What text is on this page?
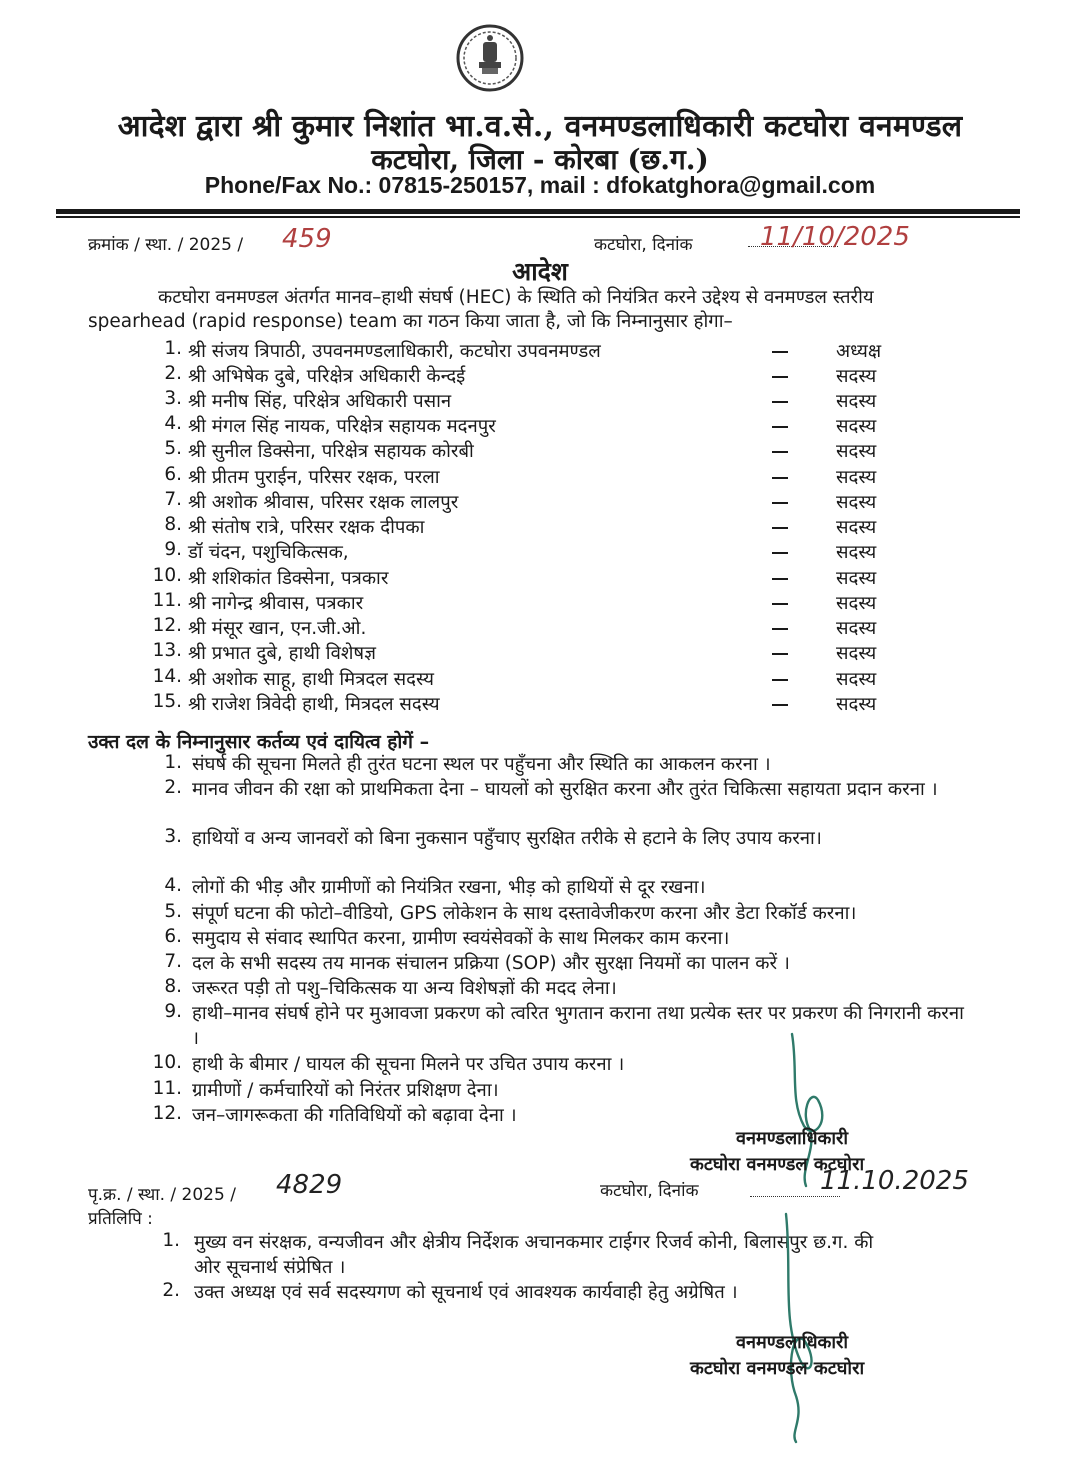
आदेश द्वारा श्री कुमार निशांत भा.व.से., वनमण्डलाधिकारी कटघोरा वनमण्डल
कटघोरा, जिला - कोरबा (छ.ग.)
Phone/Fax No.: 07815-250157, mail : dfokatghora@gmail.com
क्रमांक / स्था. / 2025 / 459	कटघोरा, दिनांक	11/10/2025
आदेश
कटघोरा वनमण्डल अंतर्गत मानव–हाथी संघर्ष (HEC) के स्थिति को नियंत्रित करने उद्देश्य से वनमण्डल स्तरीय spearhead (rapid response) team का गठन किया जाता है, जो कि निम्नानुसार होगा–
1. श्री संजय त्रिपाठी, उपवनमण्डलाधिकारी, कटघोरा उपवनमण्डल	अध्यक्ष
2. श्री अभिषेक दुबे, परिक्षेत्र अधिकारी केन्दई	सदस्य
3. श्री मनीष सिंह, परिक्षेत्र अधिकारी पसान	सदस्य
4. श्री मंगल सिंह नायक, परिक्षेत्र सहायक मदनपुर	सदस्य
5. श्री सुनील डिक्सेना, परिक्षेत्र सहायक कोरबी	सदस्य
6. श्री प्रीतम पुराईन, परिसर रक्षक, परला	सदस्य
7. श्री अशोक श्रीवास, परिसर रक्षक लालपुर	सदस्य
8. श्री संतोष रात्रे, परिसर रक्षक दीपका	सदस्य
9. डॉ चंदन, पशुचिकित्सक,	सदस्य
10. श्री शशिकांत डिक्सेना, पत्रकार	सदस्य
11. श्री नागेन्द्र श्रीवास, पत्रकार	सदस्य
12. श्री मंसूर खान, एन.जी.ओ.	सदस्य
13. श्री प्रभात दुबे, हाथी विशेषज्ञ	सदस्य
14. श्री अशोक साहू, हाथी मित्रदल सदस्य	सदस्य
15. श्री राजेश त्रिवेदी हाथी, मित्रदल सदस्य	सदस्य
उक्त दल के निम्नानुसार कर्तव्य एवं दायित्व होगें –
1. संघर्ष की सूचना मिलते ही तुरंत घटना स्थल पर पहुँचना और स्थिति का आकलन करना ।
2. मानव जीवन की रक्षा को प्राथमिकता देना – घायलों को सुरक्षित करना और तुरंत चिकित्सा सहायता प्रदान करना ।
3. हाथियों व अन्य जानवरों को बिना नुकसान पहुँचाए सुरक्षित तरीके से हटाने के लिए उपाय करना।
4. लोगों की भीड़ और ग्रामीणों को नियंत्रित रखना, भीड़ को हाथियों से दूर रखना।
5. संपूर्ण घटना की फोटो–वीडियो, GPS लोकेशन के साथ दस्तावेजीकरण करना और डेटा रिकॉर्ड करना।
6. समुदाय से संवाद स्थापित करना, ग्रामीण स्वयंसेवकों के साथ मिलकर काम करना।
7. दल के सभी सदस्य तय मानक संचालन प्रक्रिया (SOP) और सुरक्षा नियमों का पालन करें ।
8. जरूरत पड़ी तो पशु–चिकित्सक या अन्य विशेषज्ञों की मदद लेना।
9. हाथी–मानव संघर्ष होने पर मुआवजा प्रकरण को त्वरित भुगतान कराना तथा प्रत्येक स्तर पर प्रकरण की निगरानी करना ।
10. हाथी के बीमार / घायल की सूचना मिलने पर उचित उपाय करना ।
11. ग्रामीणों / कर्मचारियों को निरंतर प्रशिक्षण देना।
12. जन–जागरूकता की गतिविधियों को बढ़ावा देना ।
वनमण्डलाधिकारी
कटघोरा वनमण्डल कटघोरा
पृ.क्र. / स्था. / 2025 / 4829	कटघोरा, दिनांक	11.10.2025
प्रतिलिपि :
1. मुख्य वन संरक्षक, वन्यजीवन और क्षेत्रीय निर्देशक अचानकमार टाईगर रिजर्व कोनी, बिलासपुर छ.ग. की ओर सूचनार्थ संप्रेषित ।
2. उक्त अध्यक्ष एवं सर्व सदस्यगण को सूचनार्थ एवं आवश्यक कार्यवाही हेतु अग्रेषित ।
वनमण्डलाधिकारी
कटघोरा वनमण्डल कटघोरा
